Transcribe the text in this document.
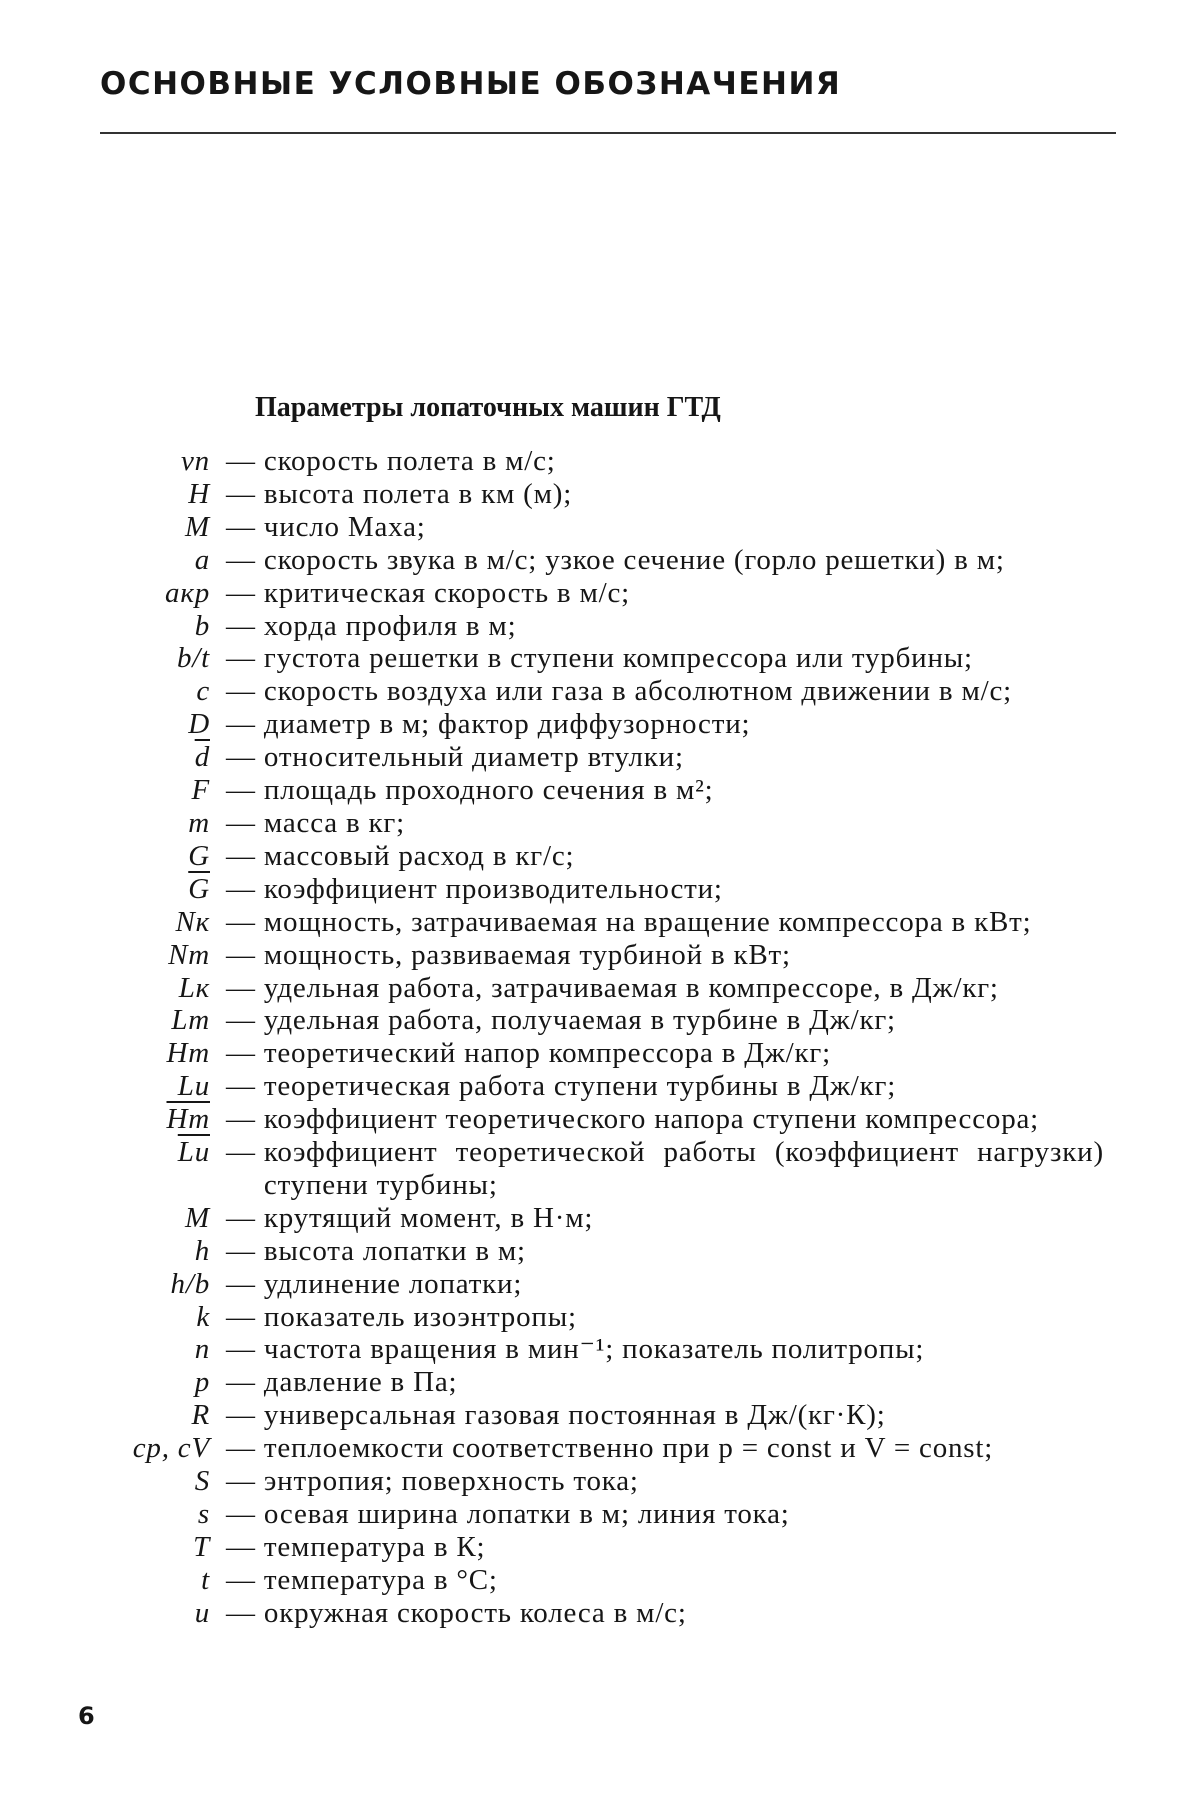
ОСНОВНЫЕ УСЛОВНЫЕ ОБОЗНАЧЕНИЯ
Параметры лопаточных машин ГТД
vп — скорость полета в м/с;
H — высота полета в км (м);
M — число Маха;
a — скорость звука в м/с; узкое сечение (горло решетки) в м;
aкр — критическая скорость в м/с;
b — хорда профиля в м;
b/t — густота решетки в ступени компрессора или турбины;
c — скорость воздуха или газа в абсолютном движении в м/с;
D — диаметр в м; фактор диффузорности;
$\overline{d}$ — относительный диаметр втулки;
F — площадь проходного сечения в м²;
m — масса в кг;
G — массовый расход в кг/с;
$\overline{G}$ — коэффициент производительности;
Nк — мощность, затрачиваемая на вращение компрессора в кВт;
Nт — мощность, развиваемая турбиной в кВт;
Lк — удельная работа, затрачиваемая в компрессоре, в Дж/кг;
Lт — удельная работа, получаемая в турбине в Дж/кг;
Hт — теоретический напор компрессора в Дж/кг;
Lu — теоретическая работа ступени турбины в Дж/кг;
Hт — коэффициент теоретического напора ступени компрессора;
$\overline{Lu}$ — коэффициент теоретической работы (коэффициент нагрузки) ступени турбины;
M — крутящий момент, в Н·м;
h — высота лопатки в м;
h/b — удлинение лопатки;
k — показатель изоэнтропы;
n — частота вращения в мин⁻¹; показатель политропы;
p — давление в Па;
R — универсальная газовая постоянная в Дж/(кг·К);
cp, cV — теплоемкости соответственно при p = const и V = const;
S — энтропия; поверхность тока;
s — осевая ширина лопатки в м; линия тока;
T — температура в К;
t — температура в °С;
u — окружная скорость колеса в м/с;
6
